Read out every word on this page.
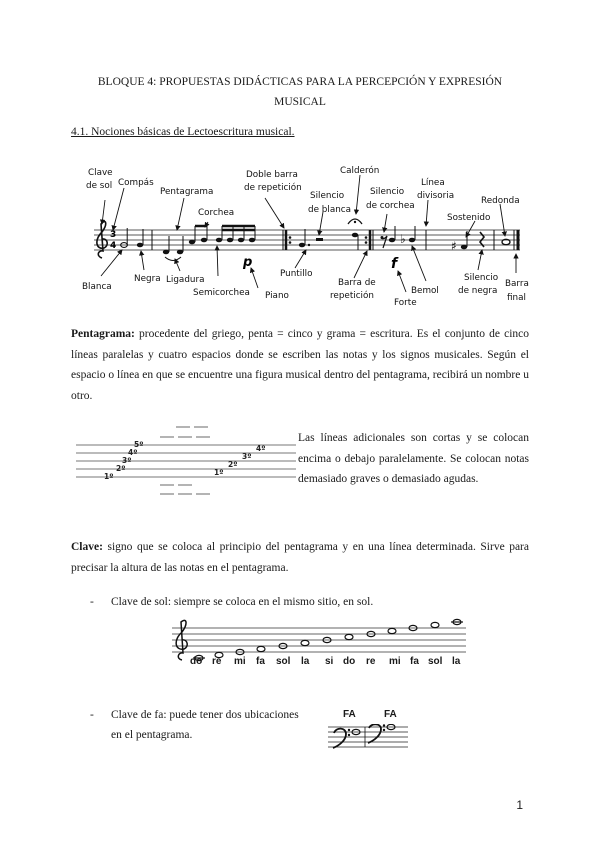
BLOQUE 4: PROPUESTAS DIDÁCTICAS PARA LA PERCEPCIÓN Y EXPRESIÓN
MUSICAL
4.1. Nociones básicas de Lectoescritura musical.
3
4
p	f
♭	♯
Clave de sol Compás
Pentagrama
Corchea
Doble barra de repetición
Silencio de blanca
Calderón
Silencio de corchea
Línea divisoria
Sostenido
Redonda
Blanca
Negra Ligadura
Semicorchea Piano
Puntillo
Barra de repetición
Forte
Bemol
Silencio de negra
Barra final
Pentagrama: procedente del griego, penta = cinco y grama = escritura. Es el conjunto de cinco líneas paralelas y cuatro espacios donde se escriben las notas y los signos musicales. Según el espacio o línea en que se encuentre una figura musical dentro del pentagrama, recibirá un nombre u otro.
1º
2º
3º
4º
5º
1º
2º
3º
4º
Las líneas adicionales son cortas y se colocan encima o debajo paralelamente. Se colocan notas demasiado graves o demasiado agudas.
Clave: signo que se coloca al principio del pentagrama y en una línea determinada. Sirve para precisar la altura de las notas en el pentagrama.
- Clave de sol: siempre se coloca en el mismo sitio, en sol.
do re mi fa sol la si do re mi fa sol la
- Clave de fa: puede tener dos ubicaciones en el pentagrama.
FA	FA
1
